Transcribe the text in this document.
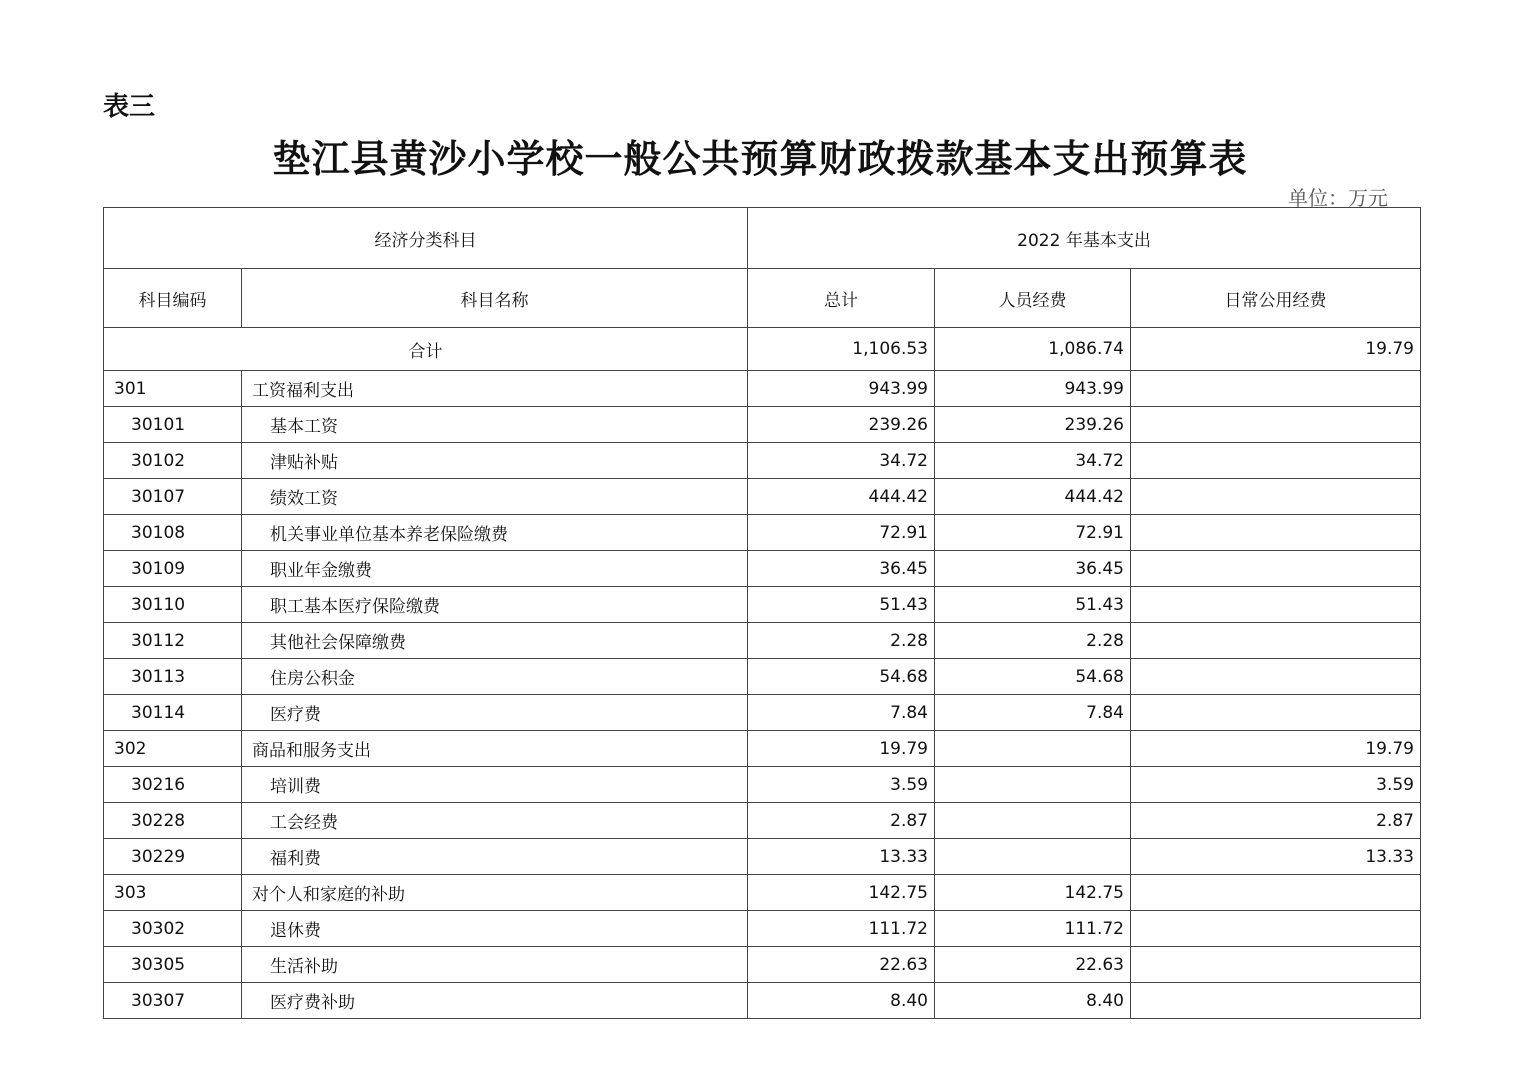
表三
垫江县黄沙小学校一般公共预算财政拨款基本支出预算表
单位：万元
经济分类科目		2022 年基本支出		
科目编码	科目名称	总计	人员经费	日常公用经费
合计		1,106.53	1,086.74	19.79
301	工资福利支出	943.99	943.99	
30101	基本工资	239.26	239.26	
30102	津贴补贴	34.72	34.72	
30107	绩效工资	444.42	444.42	
30108	机关事业单位基本养老保险缴费	72.91	72.91	
30109	职业年金缴费	36.45	36.45	
30110	职工基本医疗保险缴费	51.43	51.43	
30112	其他社会保障缴费	2.28	2.28	
30113	住房公积金	54.68	54.68	
30114	医疗费	7.84	7.84	
302	商品和服务支出	19.79		19.79
30216	培训费	3.59		3.59
30228	工会经费	2.87		2.87
30229	福利费	13.33		13.33
303	对个人和家庭的补助	142.75	142.75	
30302	退休费	111.72	111.72	
30305	生活补助	22.63	22.63	
30307	医疗费补助	8.40	8.40	
